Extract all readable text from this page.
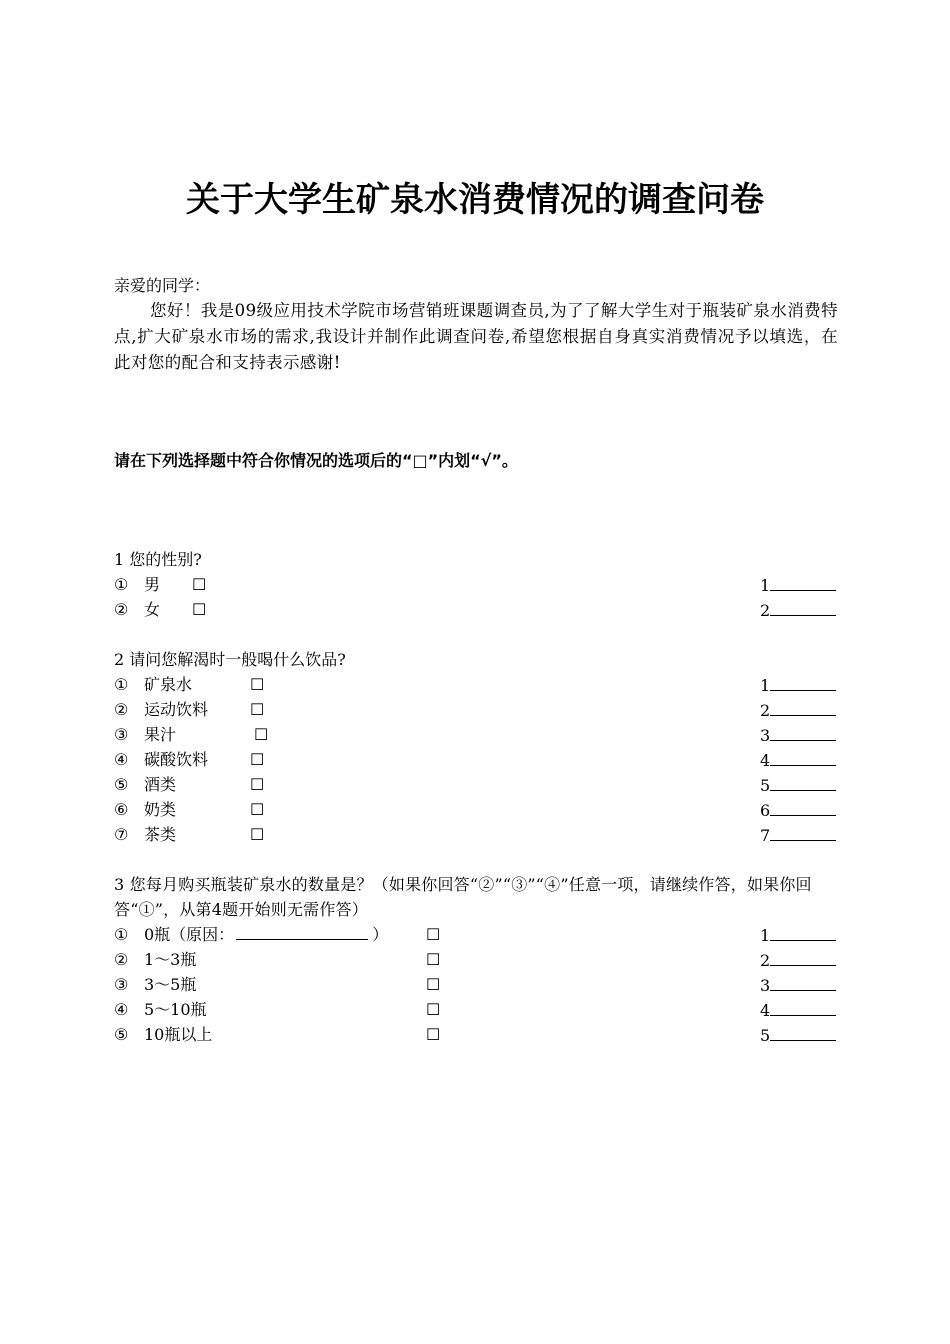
关于大学生矿泉水消费情况的调查问卷
亲爱的同学：
您好！我是09级应用技术学院市场营销班课题调查员,为了了解大学生对于瓶装矿泉水消费特点,扩大矿泉水市场的需求,我设计并制作此调查问卷,希望您根据自身真实消费情况予以填选，在此对您的配合和支持表示感谢!
请在下列选择题中符合你情况的选项后的“□”内划“√”。
1 您的性别?
① 男 ☐	1
② 女 ☐	2
2 请问您解渴时一般喝什么饮品?
① 矿泉水	☐	1
② 运动饮料	☐	2
③ 果汁	☐	3
④ 碳酸饮料	☐	4
⑤ 酒类	☐	5
⑥ 奶类	☐	6
⑦ 茶类	☐	7
3 您每月购买瓶装矿泉水的数量是？（如果你回答“②”“③”“④”任意一项，请继续作答，如果你回答“①”，从第4题开始则无需作答）
① 0瓶（原因：	） ☐	1
② 1～3瓶	☐	2
③ 3～5瓶	☐	3
④ 5～10瓶	☐	4
⑤ 10瓶以上	☐	5
